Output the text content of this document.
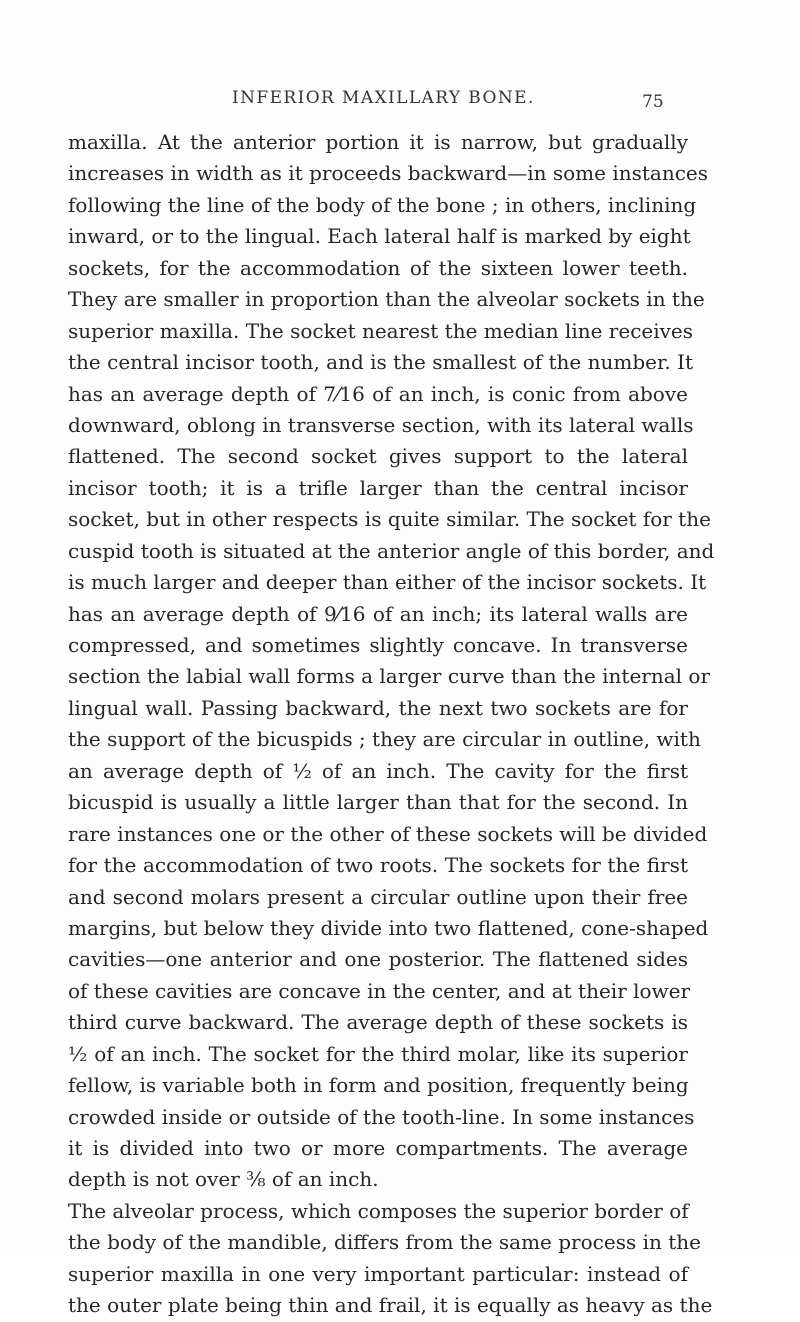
INFERIOR MAXILLARY BONE.	75
maxilla. At the anterior portion it is narrow, but gradually
increases in width as it proceeds backward—in some instances
following the line of the body of the bone ; in others, inclining
inward, or to the lingual. Each lateral half is marked by eight
sockets, for the accommodation of the sixteen lower teeth.
They are smaller in proportion than the alveolar sockets in the
superior maxilla. The socket nearest the median line receives
the central incisor tooth, and is the smallest of the number. It
has an average depth of 7⁄16 of an inch, is conic from above
downward, oblong in transverse section, with its lateral walls
flattened. The second socket gives support to the lateral
incisor tooth; it is a trifle larger than the central incisor
socket, but in other respects is quite similar. The socket for the
cuspid tooth is situated at the anterior angle of this border, and
is much larger and deeper than either of the incisor sockets. It
has an average depth of 9⁄16 of an inch; its lateral walls are
compressed, and sometimes slightly concave. In transverse
section the labial wall forms a larger curve than the internal or
lingual wall. Passing backward, the next two sockets are for
the support of the bicuspids ; they are circular in outline, with
an average depth of ½ of an inch. The cavity for the first
bicuspid is usually a little larger than that for the second. In
rare instances one or the other of these sockets will be divided
for the accommodation of two roots. The sockets for the first
and second molars present a circular outline upon their free
margins, but below they divide into two flattened, cone-shaped
cavities—one anterior and one posterior. The flattened sides
of these cavities are concave in the center, and at their lower
third curve backward. The average depth of these sockets is
½ of an inch. The socket for the third molar, like its superior
fellow, is variable both in form and position, frequently being
crowded inside or outside of the tooth-line. In some instances
it is divided into two or more compartments. The average
depth is not over ⅜ of an inch.
The alveolar process, which composes the superior border of
the body of the mandible, differs from the same process in the
superior maxilla in one very important particular: instead of
the outer plate being thin and frail, it is equally as heavy as the
